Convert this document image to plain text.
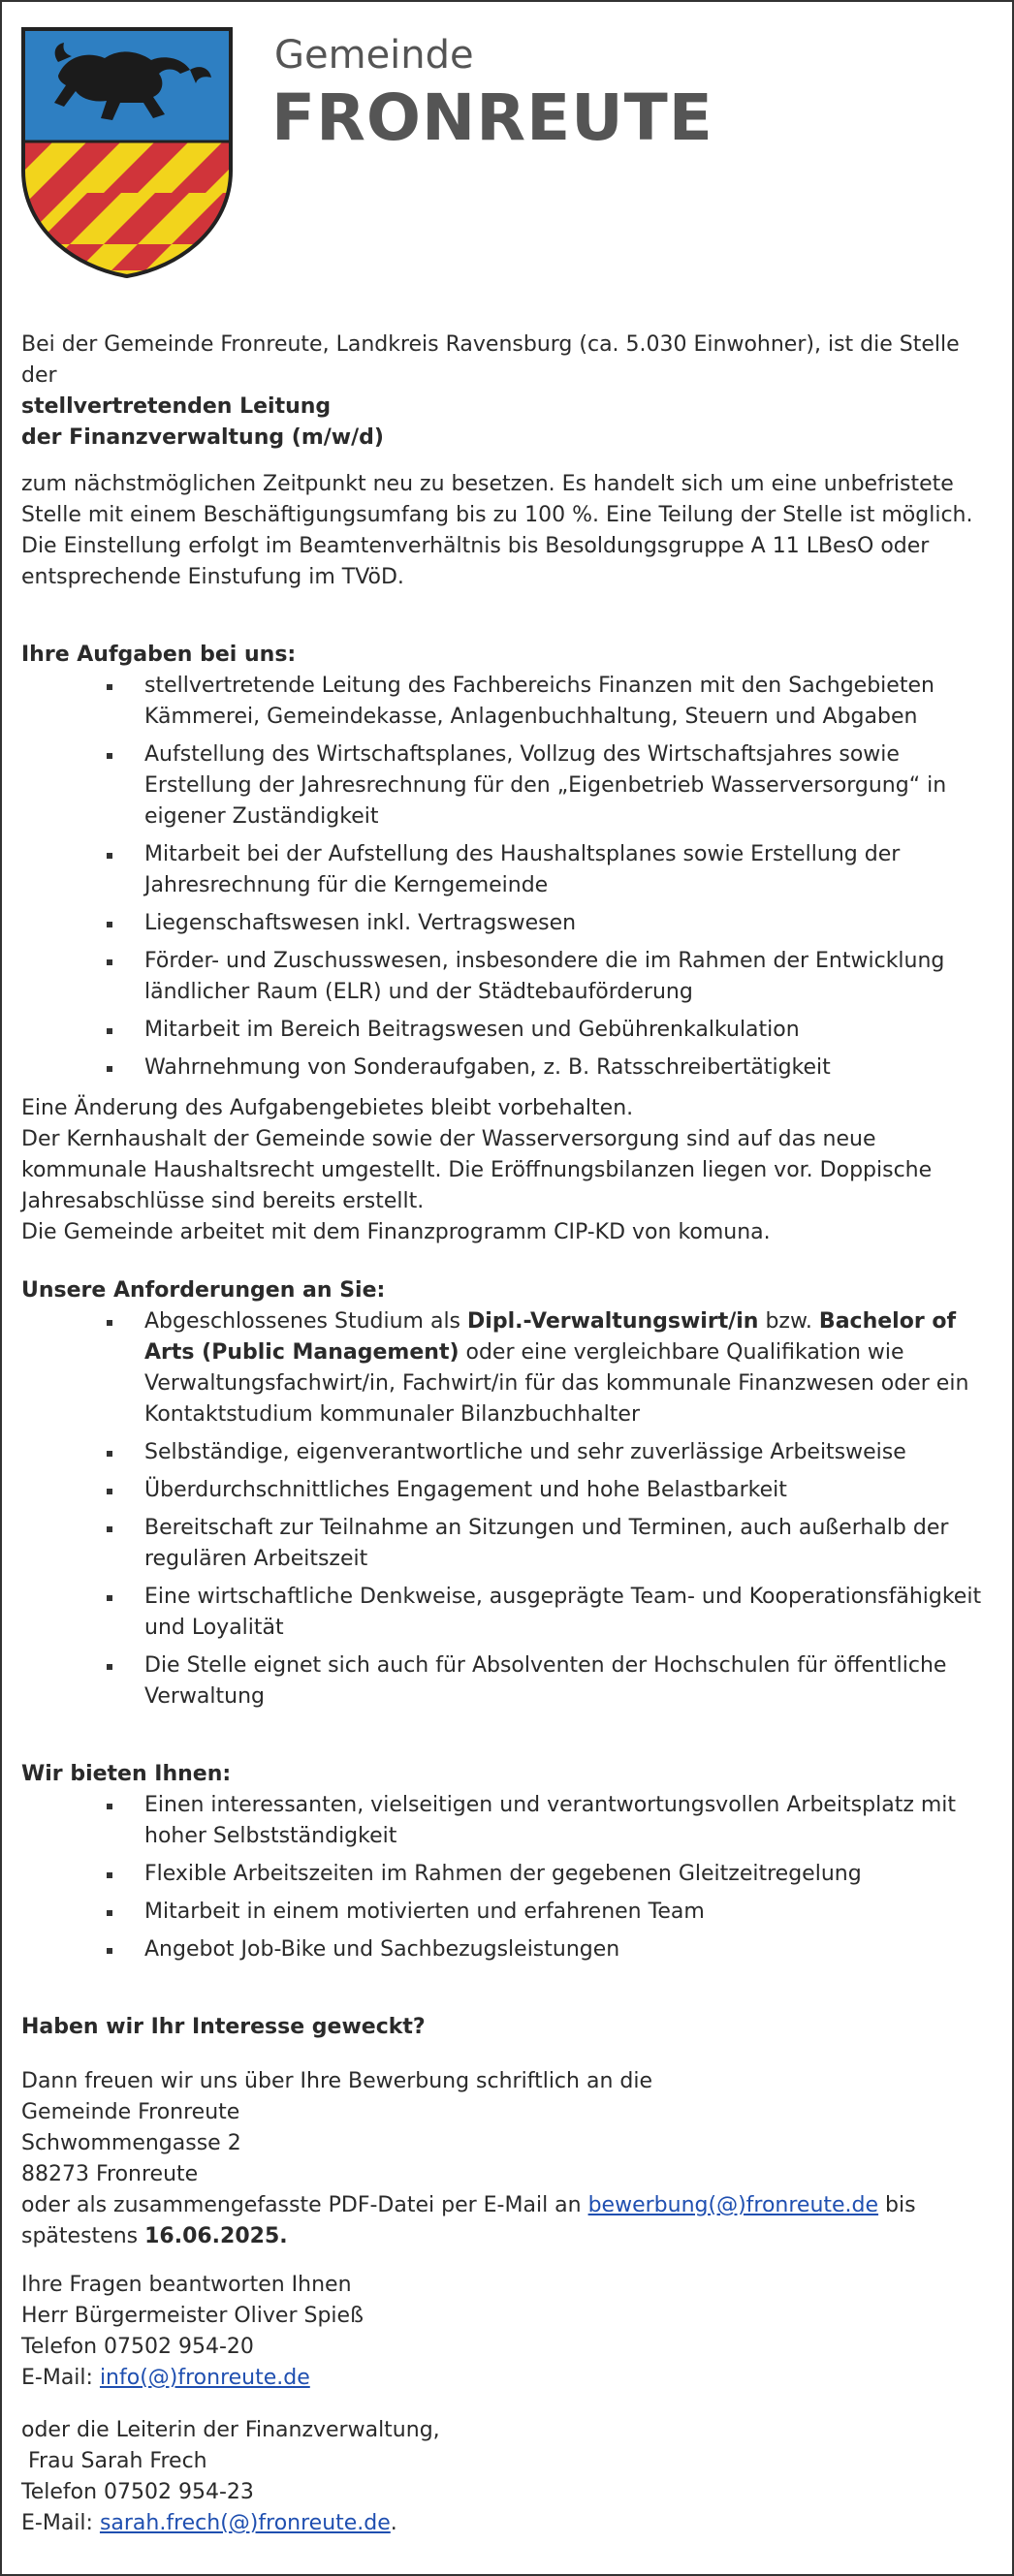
Gemeinde
FRONREUTE

Bei der Gemeinde Fronreute, Landkreis Ravensburg (ca. 5.030 Einwohner), ist die Stelle der

stellvertretenden Leitung

der Finanzverwaltung (m/w/d)

zum nächstmöglichen Zeitpunkt neu zu besetzen. Es handelt sich um eine unbefristete Stelle mit einem Beschäftigungsumfang bis zu 100 %. Eine Teilung der Stelle ist möglich. Die Einstellung erfolgt im Beamtenverhältnis bis Besoldungsgruppe A 11 LBesO oder entsprechende Einstufung im TVöD.

Ihre Aufgaben bei uns:

stellvertretende Leitung des Fachbereichs Finanzen mit den Sachgebieten Kämmerei, Gemeindekasse, Anlagenbuchhaltung, Steuern und Abgaben
Aufstellung des Wirtschaftsplanes, Vollzug des Wirtschaftsjahres sowie Erstellung der Jahresrechnung für den „Eigenbetrieb Wasserversorgung“ in eigener Zuständigkeit
Mitarbeit bei der Aufstellung des Haushaltsplanes sowie Erstellung der Jahresrechnung für die Kerngemeinde
Liegenschaftswesen inkl. Vertragswesen
Förder- und Zuschusswesen, insbesondere die im Rahmen der Entwicklung ländlicher Raum (ELR) und der Städtebauförderung
Mitarbeit im Bereich Beitragswesen und Gebührenkalkulation
Wahrnehmung von Sonderaufgaben, z. B. Ratsschreibertätigkeit

Eine Änderung des Aufgabengebietes bleibt vorbehalten.

Der Kernhaushalt der Gemeinde sowie der Wasserversorgung sind auf das neue kommunale Haushaltsrecht umgestellt. Die Eröffnungsbilanzen liegen vor. Doppische Jahresabschlüsse sind bereits erstellt.

Die Gemeinde arbeitet mit dem Finanzprogramm CIP-KD von komuna.

Unsere Anforderungen an Sie:

Abgeschlossenes Studium als Dipl.-Verwaltungswirt/in bzw. Bachelor of Arts (Public Management) oder eine vergleichbare Qualifikation wie Verwaltungsfachwirt/in, Fachwirt/in für das kommunale Finanzwesen oder ein Kontaktstudium kommunaler Bilanzbuchhalter
Selbständige, eigenverantwortliche und sehr zuverlässige Arbeitsweise
Überdurchschnittliches Engagement und hohe Belastbarkeit
Bereitschaft zur Teilnahme an Sitzungen und Terminen, auch außerhalb der regulären Arbeitszeit
Eine wirtschaftliche Denkweise, ausgeprägte Team- und Kooperationsfähigkeit und Loyalität
Die Stelle eignet sich auch für Absolventen der Hochschulen für öffentliche Verwaltung

Wir bieten Ihnen:

Einen interessanten, vielseitigen und verantwortungsvollen Arbeitsplatz mit hoher Selbstständigkeit
Flexible Arbeitszeiten im Rahmen der gegebenen Gleitzeitregelung
Mitarbeit in einem motivierten und erfahrenen Team
Angebot Job-Bike und Sachbezugsleistungen

Haben wir Ihr Interesse geweckt?

Dann freuen wir uns über Ihre Bewerbung schriftlich an die

Gemeinde Fronreute

Schwommengasse 2

88273 Fronreute

oder als zusammengefasste PDF-Datei per E-Mail an bewerbung(@)fronreute.de bis

spätestens 16.06.2025.

Ihre Fragen beantworten Ihnen

Herr Bürgermeister Oliver Spieß

Telefon 07502 954-20

E-Mail: info(@)fronreute.de

oder die Leiterin der Finanzverwaltung,

Frau Sarah Frech

Telefon 07502 954-23

E-Mail: sarah.frech(@)fronreute.de.
